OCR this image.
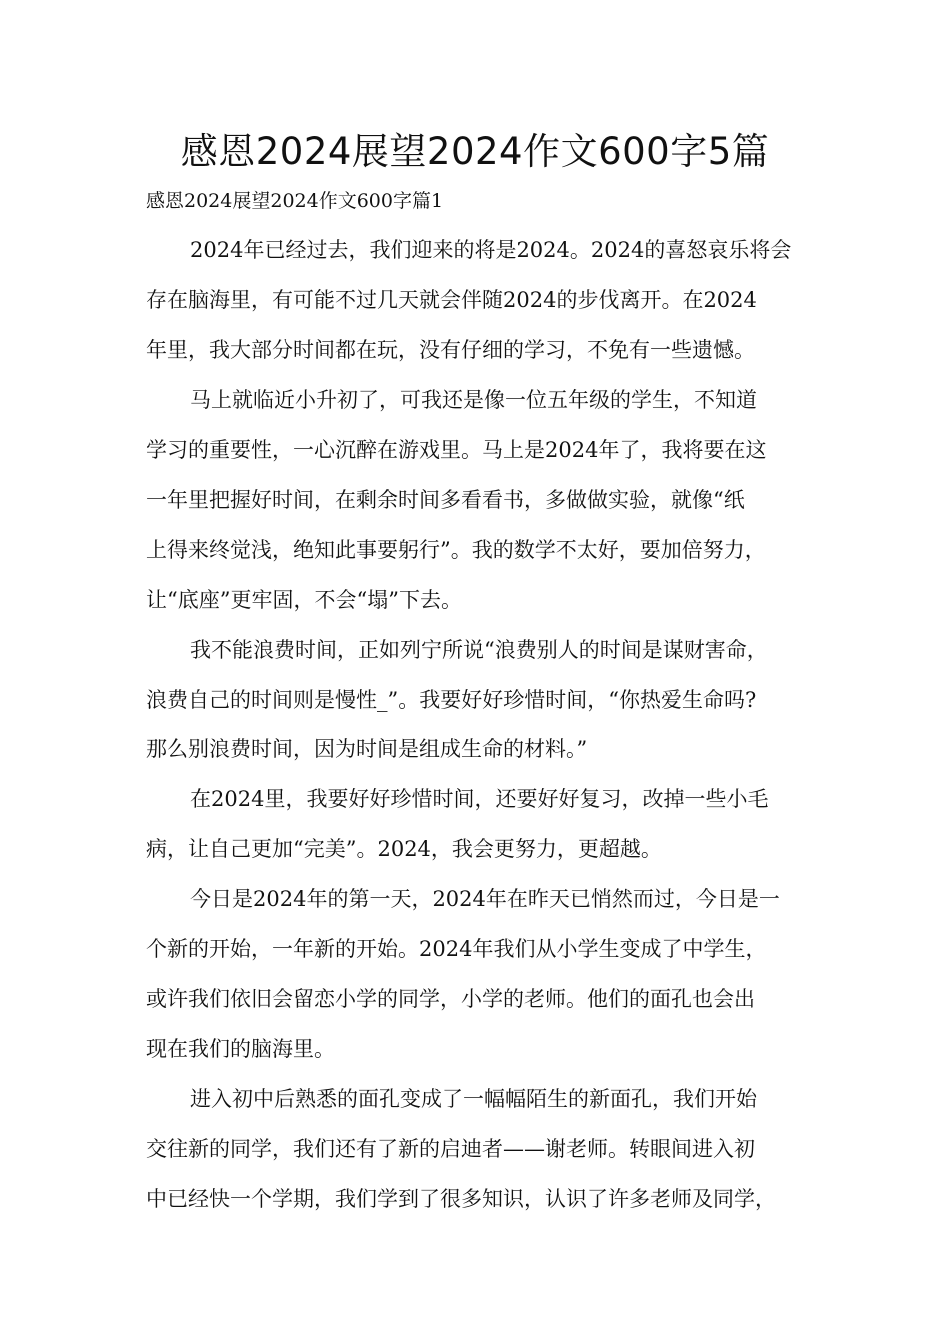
感恩2024展望2024作文600字5篇
感恩2024展望2024作文600字篇1
2024年已经过去，我们迎来的将是2024。2024的喜怒哀乐将会
存在脑海里，有可能不过几天就会伴随2024的步伐离开。在2024
年里，我大部分时间都在玩，没有仔细的学习，不免有一些遗憾。
马上就临近小升初了，可我还是像一位五年级的学生，不知道
学习的重要性，一心沉醉在游戏里。马上是2024年了，我将要在这
一年里把握好时间，在剩余时间多看看书，多做做实验，就像“纸
上得来终觉浅，绝知此事要躬行”。我的数学不太好，要加倍努力，
让“底座”更牢固，不会“塌”下去。
我不能浪费时间，正如列宁所说“浪费别人的时间是谋财害命，
浪费自己的时间则是慢性_”。我要好好珍惜时间，“你热爱生命吗?
那么别浪费时间，因为时间是组成生命的材料。”
在2024里，我要好好珍惜时间，还要好好复习，改掉一些小毛
病，让自己更加“完美”。2024，我会更努力，更超越。
今日是2024年的第一天，2024年在昨天已悄然而过，今日是一
个新的开始，一年新的开始。2024年我们从小学生变成了中学生，
或许我们依旧会留恋小学的同学，小学的老师。他们的面孔也会出
现在我们的脑海里。
进入初中后熟悉的面孔变成了一幅幅陌生的新面孔，我们开始
交往新的同学，我们还有了新的启迪者——谢老师。转眼间进入初
中已经快一个学期，我们学到了很多知识，认识了许多老师及同学，
